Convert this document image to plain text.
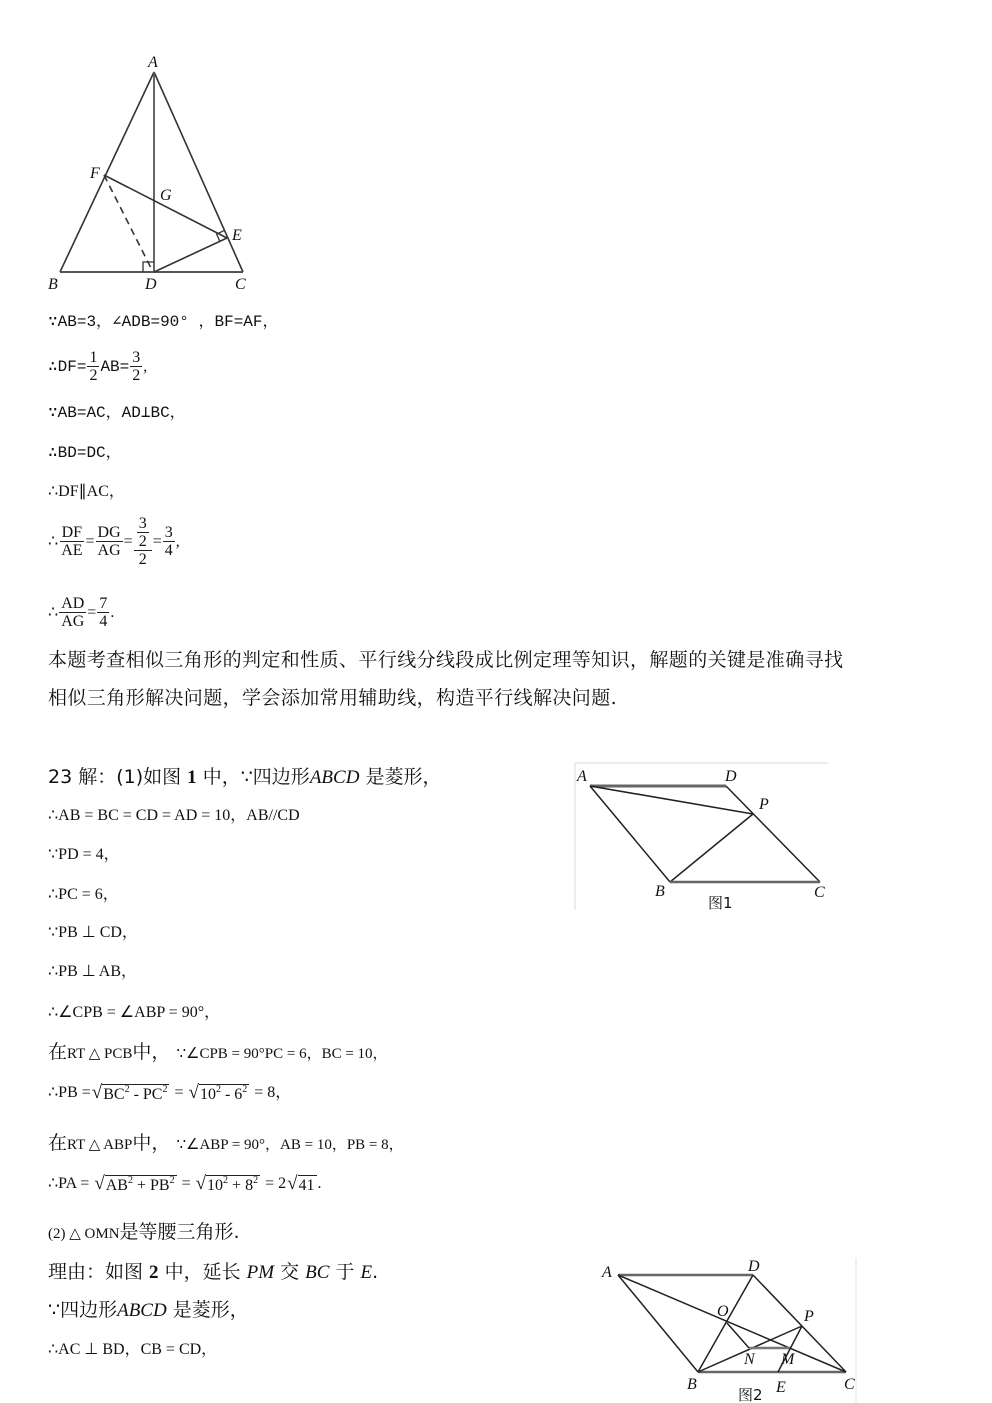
A
F
G
E
B	D	C
∵AB=3，∠ADB=90° ，BF=AF，
∴DF= $\frac{1}{2} AB= \frac{3}{2}$ ,
∵AB=AC，AD⊥BC，
∴BD=DC，
∴DF∥AC，
∴ $\frac{DF}{AE} = \frac{DG}{AG} = \frac{\frac{3}{2}}{2} = \frac{3}{4}$ ,
∴ $\frac{AD}{AG} = \frac{7}{4}$ .
本题考查相似三角形的判定和性质、平行线分线段成比例定理等知识，解题的关键是准确寻找
相似三角形解决问题，学会添加常用辅助线，构造平行线解决问题.
A	D
P
B	C
图1
23 解：(1)如图 1 中，∵四边形ABCD 是菱形，
∴AB = BC = CD = AD = 10，AB//CD
∵PD = 4，
∴PC = 6，
∵PB ⊥ CD，
∴PB ⊥ AB，
∴∠CPB = ∠ABP = 90°，
在RT △ PCB中， ∵∠CPB = 90°PC = 6，BC = 10，
∴PB = √ $BC^2 - PC^2$ = √ $10^2 - 6^2 = 8$，
在RT △ ABP中， ∵∠ABP = 90°，AB = 10，PB = 8，
∴PA = √ $AB^2 + PB^2$ = √ $10^2 + 8^2 = 2$ √ 41 .
(2) △ OMN是等腰三角形.
理由：如图 2 中，延长 PM 交 BC 于 E.
∵四边形ABCD 是菱形，
∴AC ⊥ BD，CB = CD，
A	D
O	P
N M
B	E	C
图2
